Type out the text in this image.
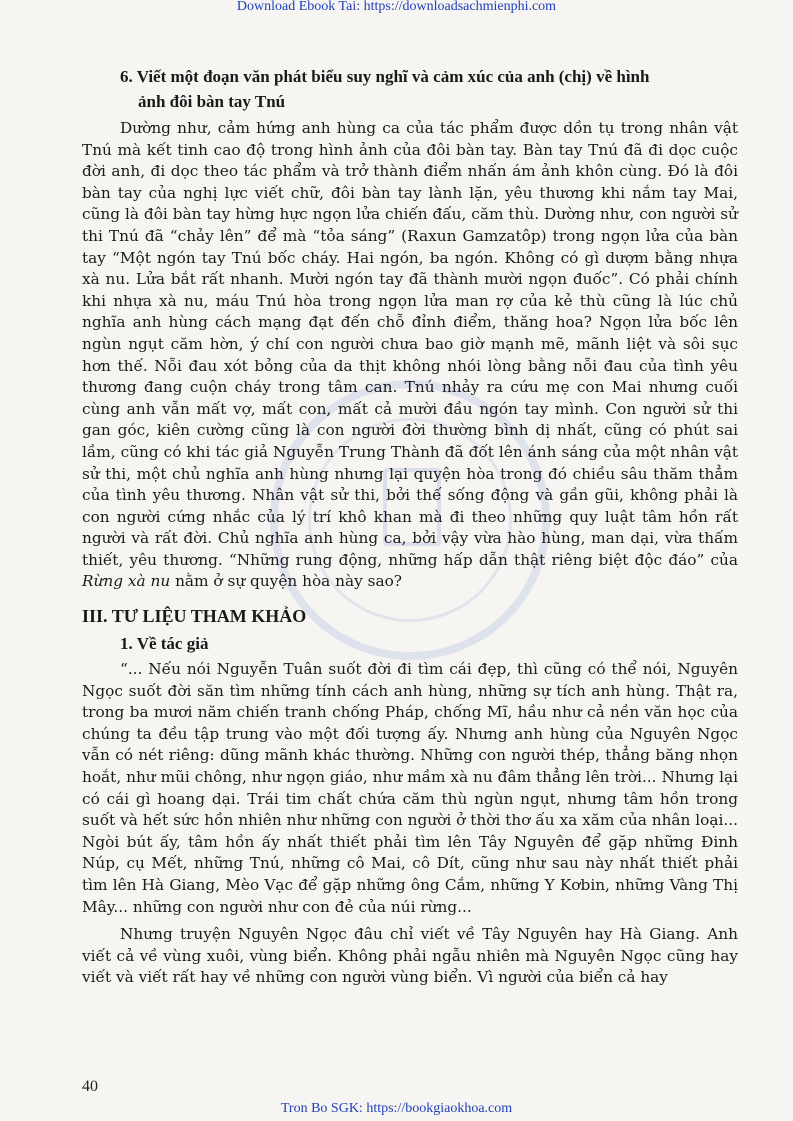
Download Ebook Tai: https://downloadsachmienphi.com
6. Viết một đoạn văn phát biểu suy nghĩ và cảm xúc của anh (chị) về hình
ảnh đôi bàn tay Tnú

Dường như, cảm hứng anh hùng ca của tác phẩm được dồn tụ trong nhân vật Tnú mà kết tinh cao độ trong hình ảnh của đôi bàn tay. Bàn tay Tnú đã đi dọc cuộc đời anh, đi dọc theo tác phẩm và trở thành điểm nhấn ám ảnh khôn cùng. Đó là đôi bàn tay của nghị lực viết chữ, đôi bàn tay lành lặn, yêu thương khi nắm tay Mai, cũng là đôi bàn tay hừng hực ngọn lửa chiến đấu, căm thù. Dường như, con người sử thi Tnú đã “chảy lên” để mà “tỏa sáng” (Raxun Gamzatôp) trong ngọn lửa của bàn tay “Một ngón tay Tnú bốc cháy. Hai ngón, ba ngón. Không có gì dượm bằng nhựa xà nu. Lửa bắt rất nhanh. Mười ngón tay đã thành mười ngọn đuốc”. Có phải chính khi nhựa xà nu, máu Tnú hòa trong ngọn lửa man rợ của kẻ thù cũng là lúc chủ nghĩa anh hùng cách mạng đạt đến chỗ đỉnh điểm, thăng hoa? Ngọn lửa bốc lên ngùn ngụt căm hờn, ý chí con người chưa bao giờ mạnh mẽ, mãnh liệt và sôi sục hơn thế. Nỗi đau xót bỏng của da thịt không nhói lòng bằng nỗi đau của tình yêu thương đang cuộn cháy trong tâm can. Tnú nhảy ra cứu mẹ con Mai nhưng cuối cùng anh vẫn mất vợ, mất con, mất cả mười đầu ngón tay mình. Con người sử thi gan góc, kiên cường cũng là con người đời thường bình dị nhất, cũng có phút sai lầm, cũng có khi tác giả Nguyễn Trung Thành đã đốt lên ánh sáng của một nhân vật sử thi, một chủ nghĩa anh hùng nhưng lại quyện hòa trong đó chiều sâu thăm thẳm của tình yêu thương. Nhân vật sử thi, bởi thế sống động và gần gũi, không phải là con người cứng nhắc của lý trí khô khan mà đi theo những quy luật tâm hồn rất người và rất đời. Chủ nghĩa anh hùng ca, bởi vậy vừa hào hùng, man dại, vừa thấm thiết, yêu thương. “Những rung động, những hấp dẫn thật riêng biệt độc đáo” của Rừng xà nu nằm ở sự quyện hòa này sao?

III. TƯ LIỆU THAM KHẢO
1. Về tác giả

“... Nếu nói Nguyễn Tuân suốt đời đi tìm cái đẹp, thì cũng có thể nói, Nguyên Ngọc suốt đời săn tìm những tính cách anh hùng, những sự tích anh hùng. Thật ra, trong ba mươi năm chiến tranh chống Pháp, chống Mĩ, hầu như cả nền văn học của chúng ta đều tập trung vào một đối tượng ấy. Nhưng anh hùng của Nguyên Ngọc vẫn có nét riêng: dũng mãnh khác thường. Những con người thép, thẳng băng nhọn hoắt, như mũi chông, như ngọn giáo, như mầm xà nu đâm thẳng lên trời... Nhưng lại có cái gì hoang dại. Trái tim chất chứa căm thù ngùn ngụt, nhưng tâm hồn trong suốt và hết sức hồn nhiên như những con người ở thời thơ ấu xa xăm của nhân loại... Ngòi bút ấy, tâm hồn ấy nhất thiết phải tìm lên Tây Nguyên để gặp những Đinh Núp, cụ Mết, những Tnú, những cô Mai, cô Dít, cũng như sau này nhất thiết phải tìm lên Hà Giang, Mèo Vạc để gặp những ông Cắm, những Y Kơbin, những Vàng Thị Mây... những con người như con đẻ của núi rừng...

Nhưng truyện Nguyên Ngọc đâu chỉ viết về Tây Nguyên hay Hà Giang. Anh viết cả về vùng xuôi, vùng biển. Không phải ngẫu nhiên mà Nguyên Ngọc cũng hay viết và viết rất hay về những con người vùng biển. Vì người của biển cả hay

40
Tron Bo SGK: https://bookgiaokhoa.com
